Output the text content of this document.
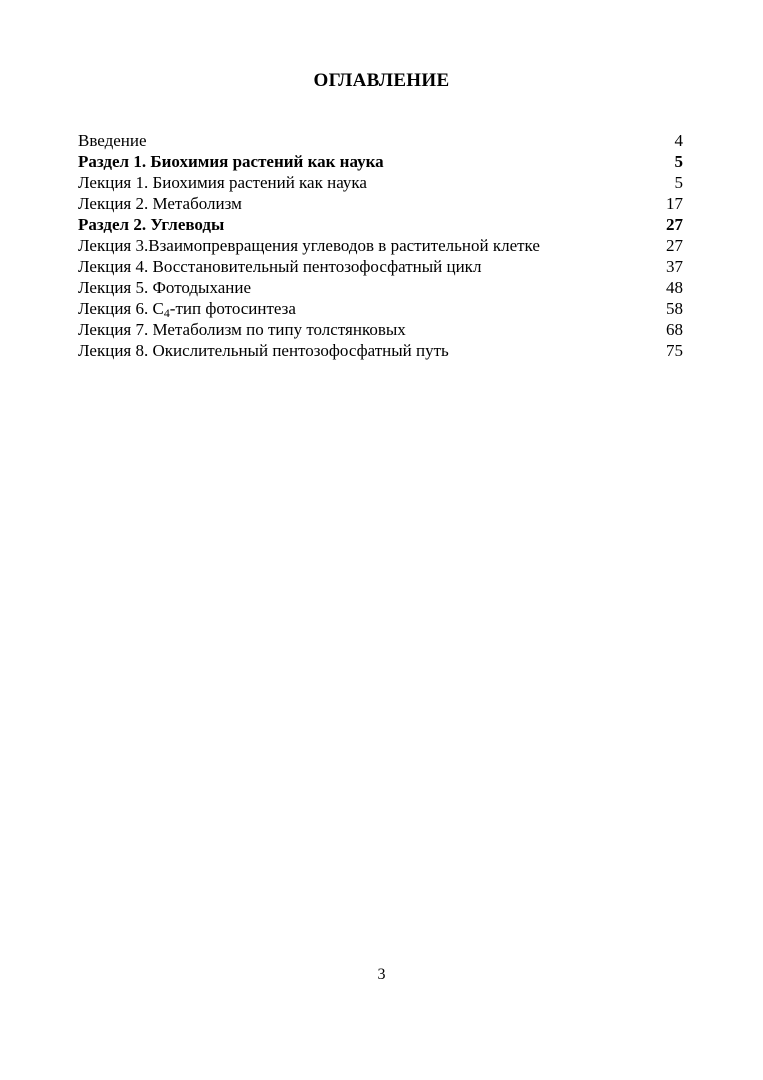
ОГЛАВЛЕНИЕ
Введение	4
Раздел 1. Биохимия растений как наука	5
Лекция 1. Биохимия растений как наука	5
Лекция 2. Метаболизм	17
Раздел 2. Углеводы	27
Лекция 3.Взаимопревращения углеводов в растительной клетке	27
Лекция 4. Восстановительный пентозофосфатный цикл	37
Лекция 5. Фотодыхание	48
Лекция 6. $С_4$-тип фотосинтеза	58
Лекция 7. Метаболизм по типу толстянковых	68
Лекция 8. Окислительный пентозофосфатный путь	75
3
